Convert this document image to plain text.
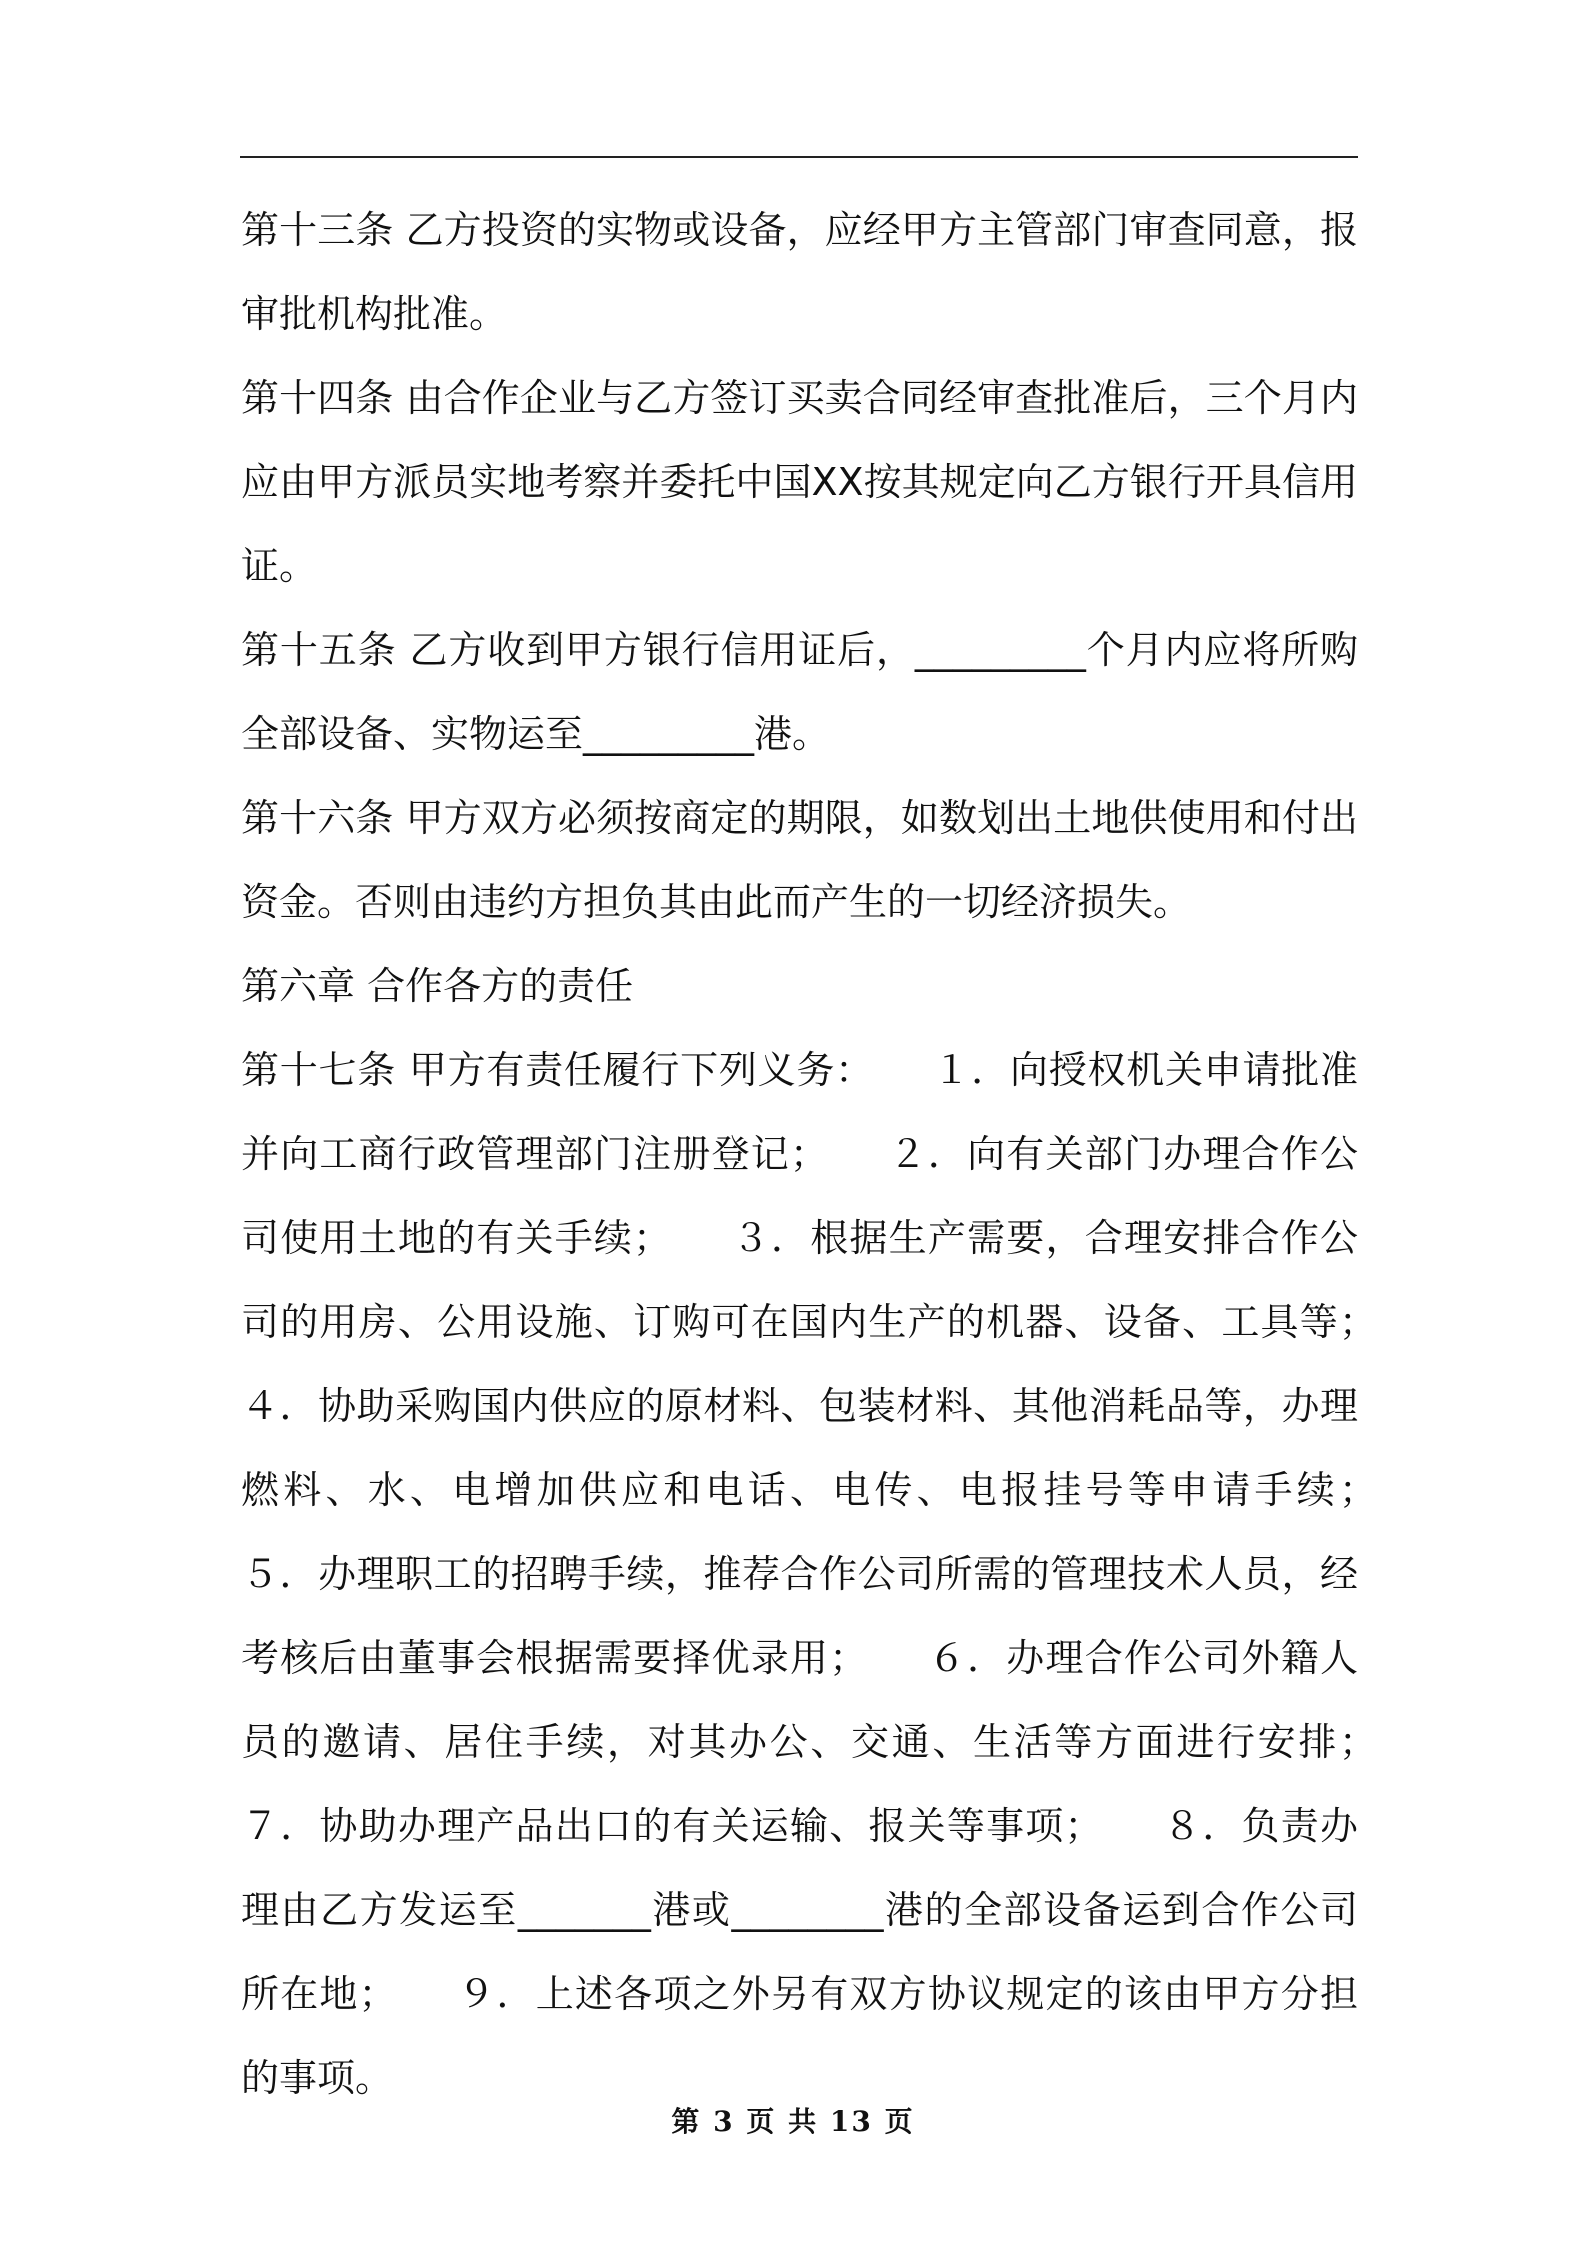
第十三条 乙方投资的实物或设备，应经甲方主管部门审查同意，报审批机构批准。

第十四条 由合作企业与乙方签订买卖合同经审查批准后，三个月内应由甲方派员实地考察并委托中国XX按其规定向乙方银行开具信用证。

第十五条 乙方收到甲方银行信用证后，_________个月内应将所购全部设备、实物运至_________港。

第十六条 甲方双方必须按商定的期限，如数划出土地供使用和付出资金。否则由违约方担负其由此而产生的一切经济损失。

第六章 合作各方的责任

第十七条 甲方有责任履行下列义务：　　１．向授权机关申请批准并向工商行政管理部门注册登记；　　２．向有关部门办理合作公司使用土地的有关手续；　　３．根据生产需要，合理安排合作公司的用房、公用设施、订购可在国内生产的机器、设备、工具等；　　４．协助采购国内供应的原材料、包装材料、其他消耗品等，办理燃料、水、电增加供应和电话、电传、电报挂号等申请手续；　　５．办理职工的招聘手续，推荐合作公司所需的管理技术人员，经考核后由董事会根据需要择优录用；　　６．办理合作公司外籍人员的邀请、居住手续，对其办公、交通、生活等方面进行安排；　　７．协助办理产品出口的有关运输、报关等事项；　　８．负责办理由乙方发运至_______港或________港的全部设备运到合作公司所在地；　　９．上述各项之外另有双方协议规定的该由甲方分担的事项。

第 3 页 共 13 页
